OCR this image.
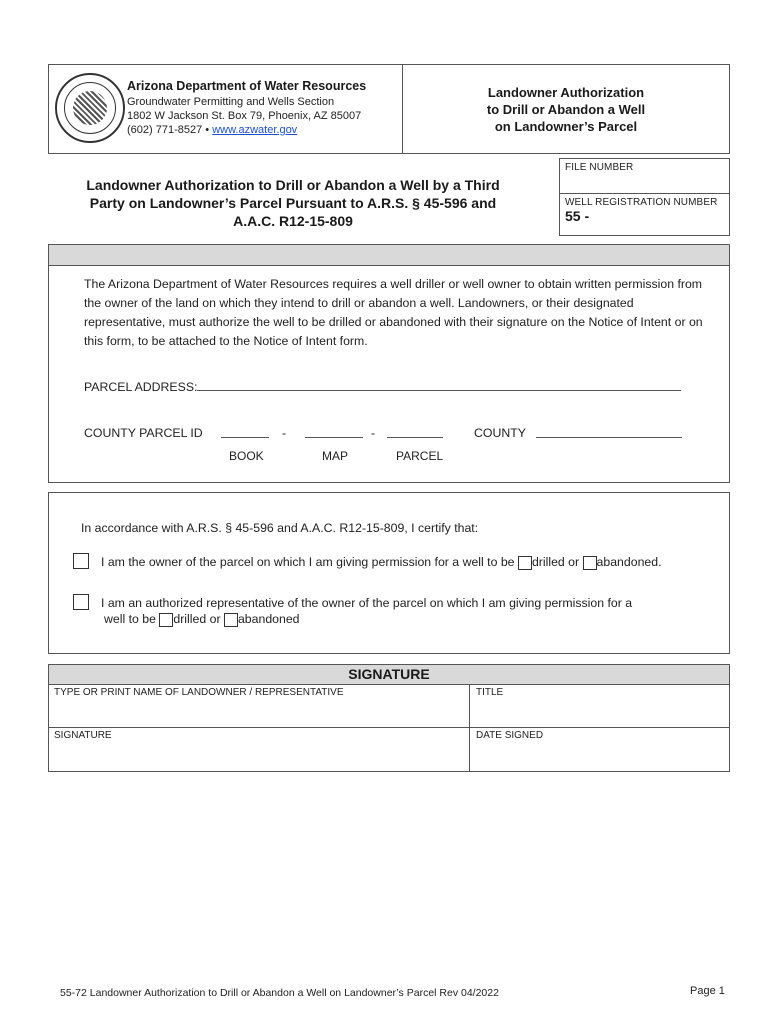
Arizona Department of Water Resources
Groundwater Permitting and Wells Section
1802 W Jackson St. Box 79, Phoenix, AZ 85007
(602) 771-8527 • www.azwater.gov
Landowner Authorization
to Drill or Abandon a Well
on Landowner’s Parcel
Landowner Authorization to Drill or Abandon a Well by a Third
Party on Landowner’s Parcel Pursuant to A.R.S. § 45-596 and
A.A.C. R12-15-809
FILE NUMBER
WELL REGISTRATION NUMBER
55 -
The Arizona Department of Water Resources requires a well driller or well owner to obtain written permission from the owner of the land on which they intend to drill or abandon a well. Landowners, or their designated representative, must authorize the well to be drilled or abandoned with their signature on the Notice of Intent or on this form, to be attached to the Notice of Intent form.
PARCEL ADDRESS:
COUNTY PARCEL ID	-	-	COUNTY
BOOK	MAP	PARCEL
In accordance with A.R.S. § 45-596 and A.A.C. R12-15-809, I certify that:
I am the owner of the parcel on which I am giving permission for a well to be drilled or abandoned.
I am an authorized representative of the owner of the parcel on which I am giving permission for a
well to be drilled or abandoned
SIGNATURE
TYPE OR PRINT NAME OF LANDOWNER / REPRESENTATIVE	TITLE
SIGNATURE	DATE SIGNED
55-72 Landowner Authorization to Drill or Abandon a Well on Landowner’s Parcel Rev 04/2022	Page 1
